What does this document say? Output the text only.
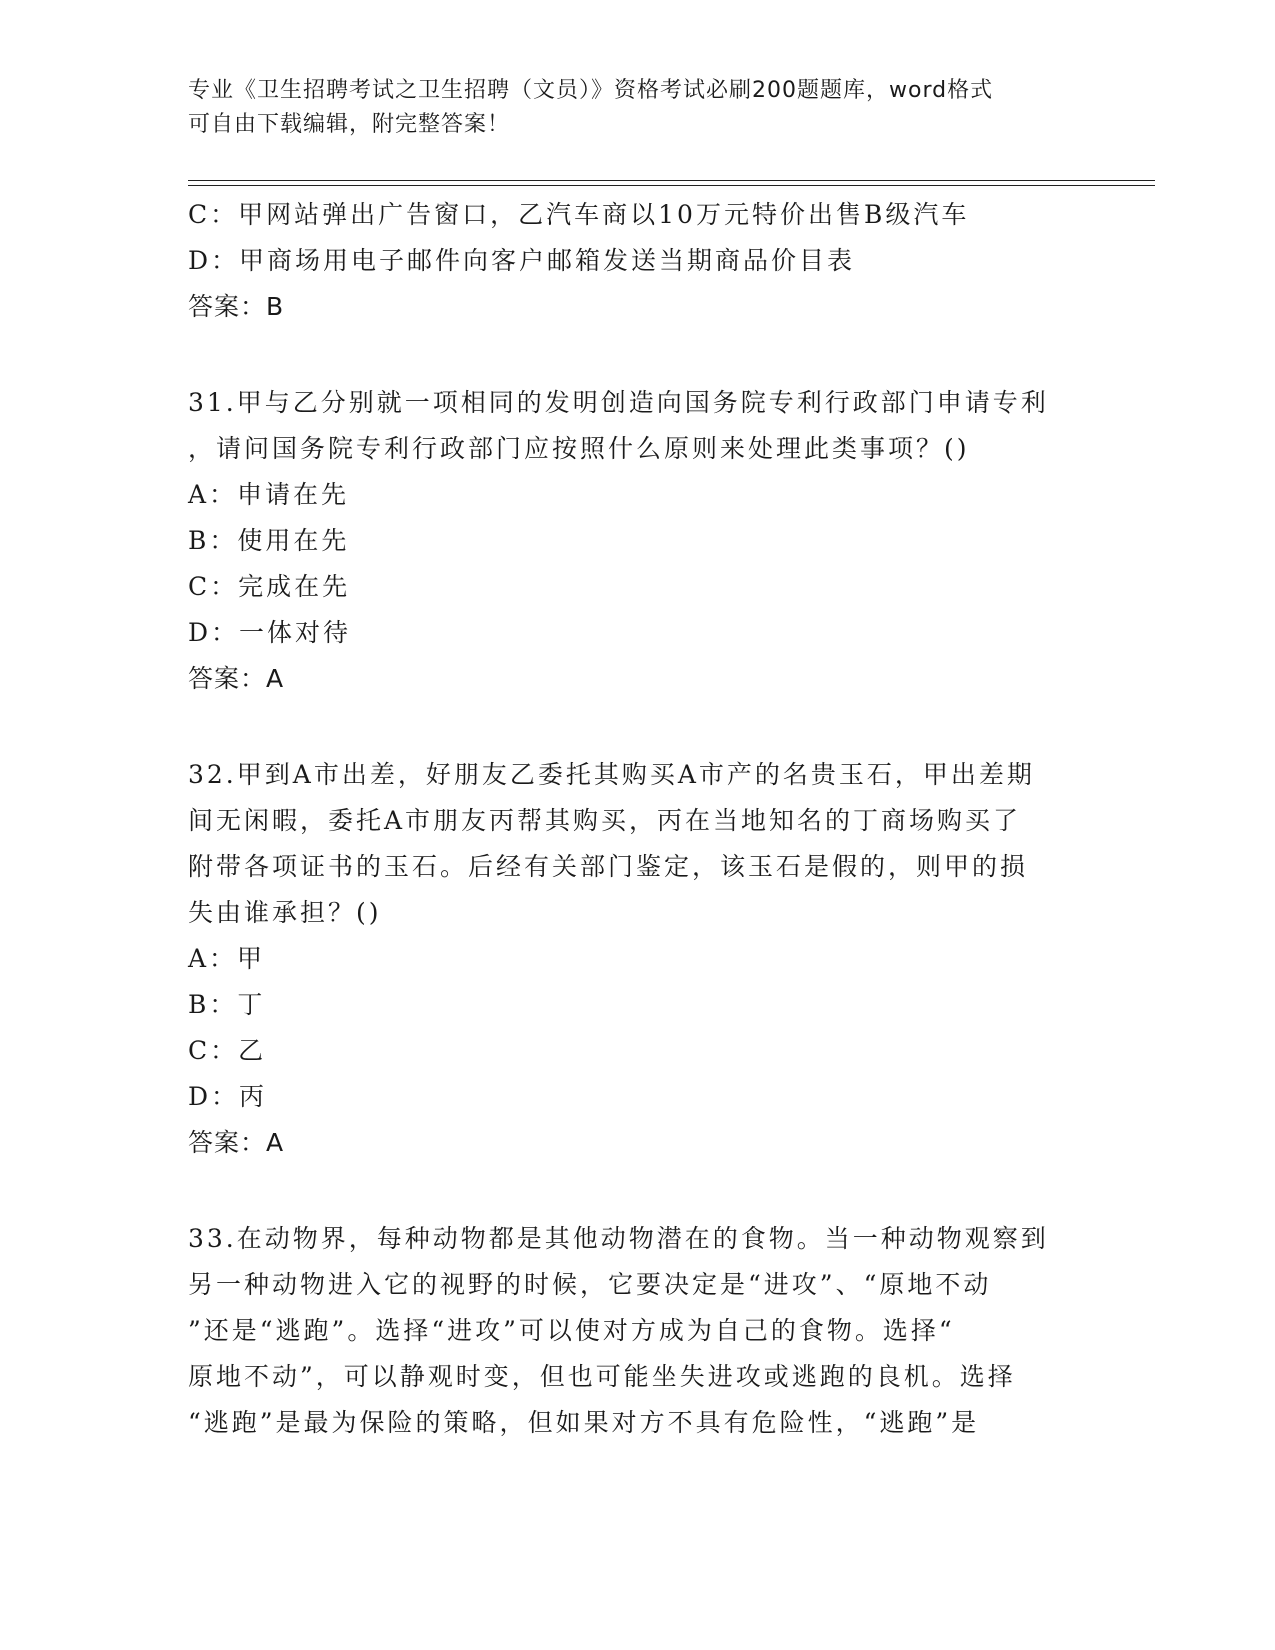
专业《卫生招聘考试之卫生招聘（文员）》资格考试必刷200题题库，word格式
可自由下载编辑，附完整答案！
C：甲网站弹出广告窗口，乙汽车商以10万元特价出售B级汽车
D：甲商场用电子邮件向客户邮箱发送当期商品价目表
答案：B
31.甲与乙分别就一项相同的发明创造向国务院专利行政部门申请专利
，请问国务院专利行政部门应按照什么原则来处理此类事项？()
A：申请在先
B：使用在先
C：完成在先
D：一体对待
答案：A
32.甲到A市出差，好朋友乙委托其购买A市产的名贵玉石，甲出差期
间无闲暇，委托A市朋友丙帮其购买，丙在当地知名的丁商场购买了
附带各项证书的玉石。后经有关部门鉴定，该玉石是假的，则甲的损
失由谁承担？()
A：甲
B：丁
C：乙
D：丙
答案：A
33.在动物界，每种动物都是其他动物潜在的食物。当一种动物观察到
另一种动物进入它的视野的时候，它要决定是“进攻”、“原地不动
”还是“逃跑”。选择“进攻”可以使对方成为自己的食物。选择“
原地不动”，可以静观时变，但也可能坐失进攻或逃跑的良机。选择
“逃跑”是最为保险的策略，但如果对方不具有危险性，“逃跑”是
